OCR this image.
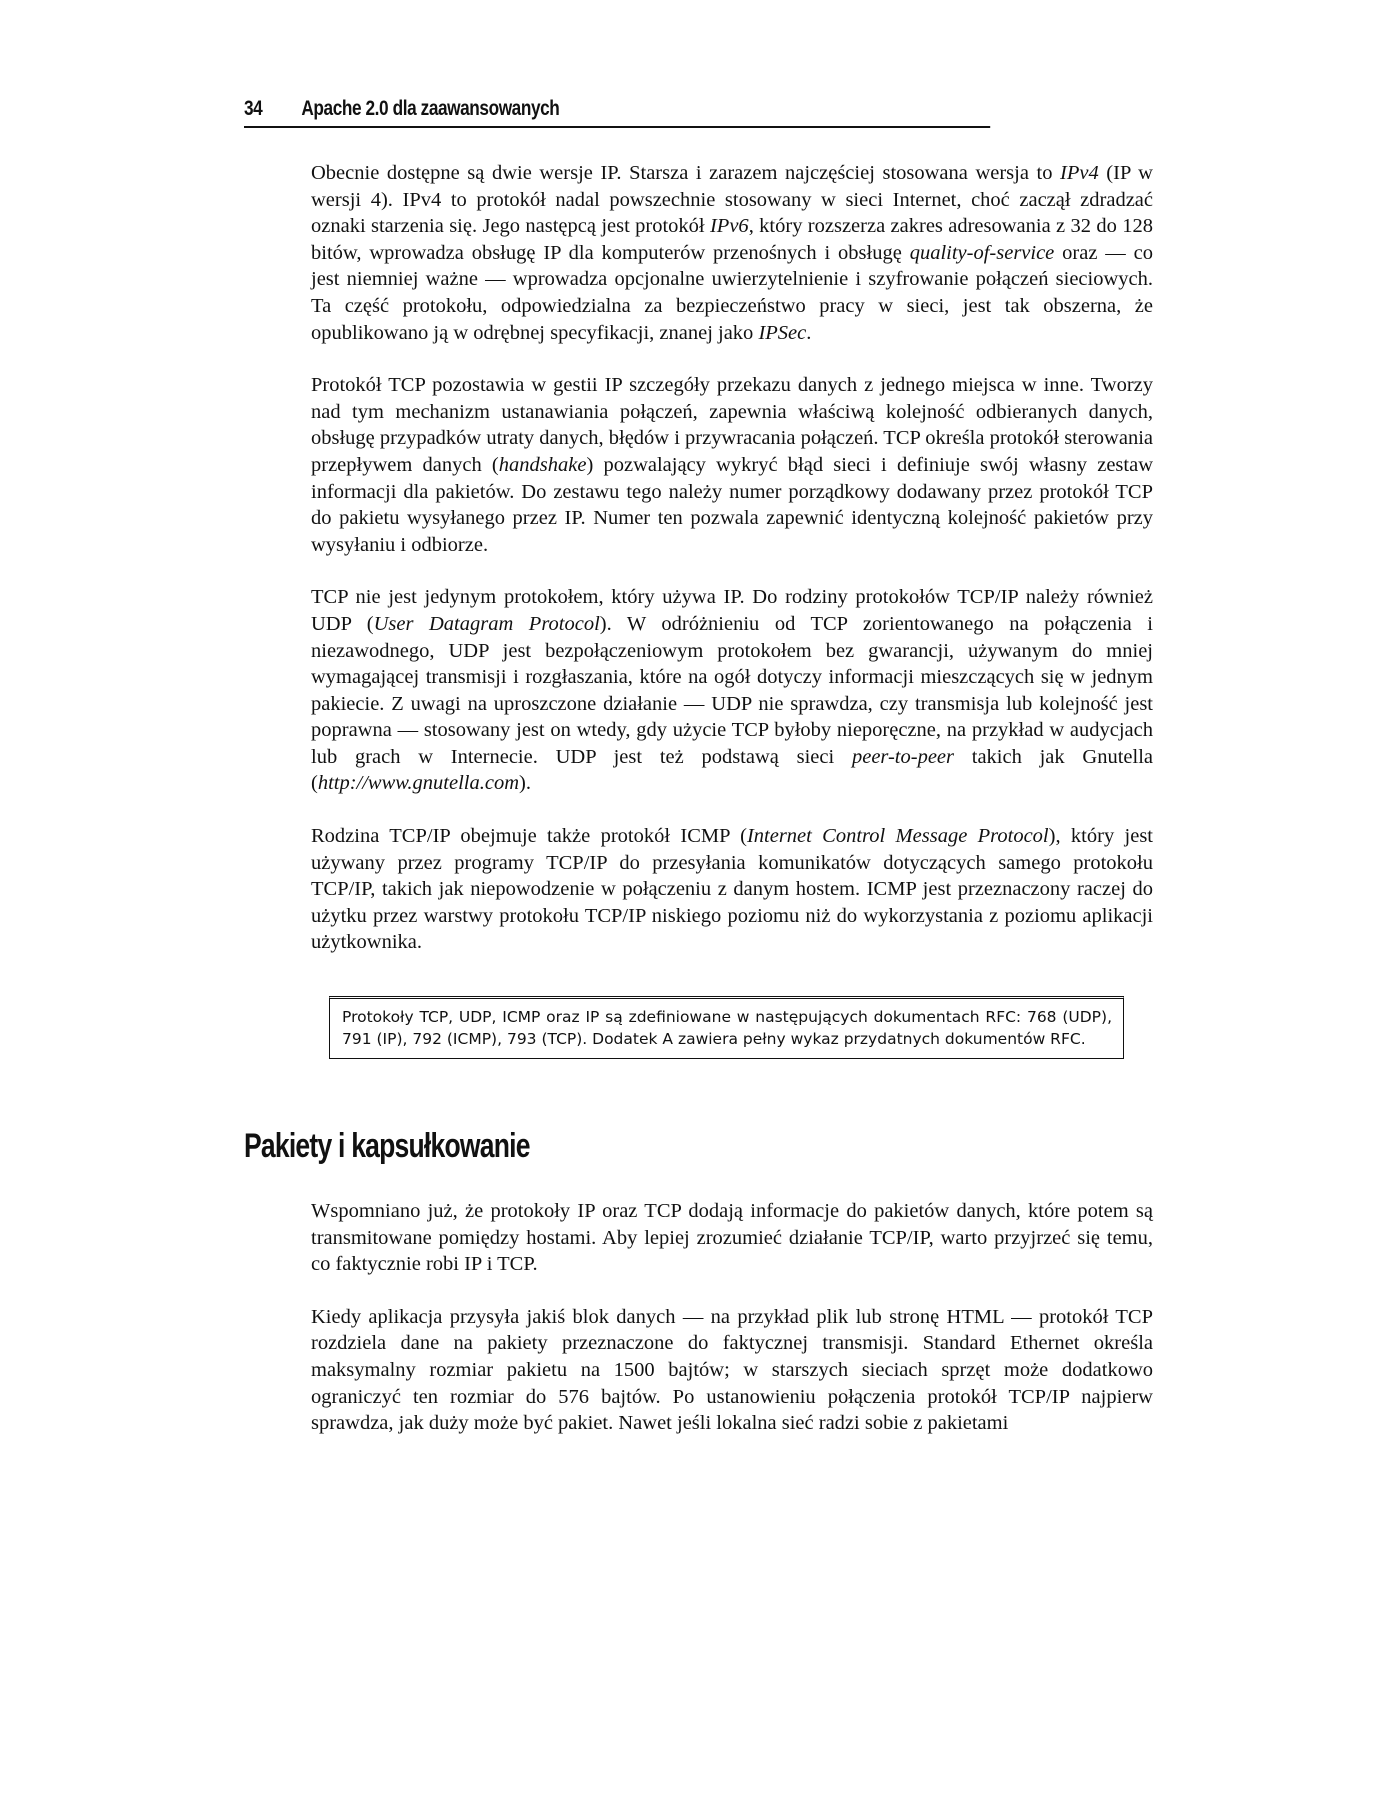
34 Apache 2.0 dla zaawansowanych

Obecnie dostępne są dwie wersje IP. Starsza i zarazem najczęściej stosowana wersja to IPv4 (IP w wersji 4). IPv4 to protokół nadal powszechnie stosowany w sieci Internet, choć zaczął zdradzać oznaki starzenia się. Jego następcą jest protokół IPv6, który rozszerza zakres adresowania z 32 do 128 bitów, wprowadza obsługę IP dla komputerów przenośnych i obsługę quality-of-service oraz — co jest niemniej ważne — wprowadza opcjonalne uwierzytelnienie i szyfrowanie połączeń sieciowych. Ta część protokołu, odpowiedzialna za bezpieczeństwo pracy w sieci, jest tak obszerna, że opublikowano ją w odrębnej specyfikacji, znanej jako IPSec.

Protokół TCP pozostawia w gestii IP szczegóły przekazu danych z jednego miejsca w inne. Tworzy nad tym mechanizm ustanawiania połączeń, zapewnia właściwą kolejność odbieranych danych, obsługę przypadków utraty danych, błędów i przywracania połączeń. TCP określa protokół sterowania przepływem danych (handshake) pozwalający wykryć błąd sieci i definiuje swój własny zestaw informacji dla pakietów. Do zestawu tego należy numer porządkowy dodawany przez protokół TCP do pakietu wysyłanego przez IP. Numer ten pozwala zapewnić identyczną kolejność pakietów przy wysyłaniu i odbiorze.

TCP nie jest jedynym protokołem, który używa IP. Do rodziny protokołów TCP/IP należy również UDP (User Datagram Protocol). W odróżnieniu od TCP zorientowanego na połączenia i niezawodnego, UDP jest bezpołączeniowym protokołem bez gwarancji, używanym do mniej wymagającej transmisji i rozgłaszania, które na ogół dotyczy informacji mieszczących się w jednym pakiecie. Z uwagi na uproszczone działanie — UDP nie sprawdza, czy transmisja lub kolejność jest poprawna — stosowany jest on wtedy, gdy użycie TCP byłoby nieporęczne, na przykład w audycjach lub grach w Internecie. UDP jest też podstawą sieci peer-to-peer takich jak Gnutella (http://www.gnutella.com).

Rodzina TCP/IP obejmuje także protokół ICMP (Internet Control Message Protocol), który jest używany przez programy TCP/IP do przesyłania komunikatów dotyczących samego protokołu TCP/IP, takich jak niepowodzenie w połączeniu z danym hostem. ICMP jest przeznaczony raczej do użytku przez warstwy protokołu TCP/IP niskiego poziomu niż do wykorzystania z poziomu aplikacji użytkownika.

Protokoły TCP, UDP, ICMP oraz IP są zdefiniowane w następujących dokumentach RFC: 768 (UDP), 791 (IP), 792 (ICMP), 793 (TCP). Dodatek A zawiera pełny wykaz przydatnych dokumentów RFC.
Pakiety i kapsułkowanie

Wspomniano już, że protokoły IP oraz TCP dodają informacje do pakietów danych, które potem są transmitowane pomiędzy hostami. Aby lepiej zrozumieć działanie TCP/IP, warto przyjrzeć się temu, co faktycznie robi IP i TCP.

Kiedy aplikacja przysyła jakiś blok danych — na przykład plik lub stronę HTML — protokół TCP rozdziela dane na pakiety przeznaczone do faktycznej transmisji. Standard Ethernet określa maksymalny rozmiar pakietu na 1500 bajtów; w starszych sieciach sprzęt może dodatkowo ograniczyć ten rozmiar do 576 bajtów. Po ustanowieniu połączenia protokół TCP/IP najpierw sprawdza, jak duży może być pakiet. Nawet jeśli lokalna sieć radzi sobie z pakietami
